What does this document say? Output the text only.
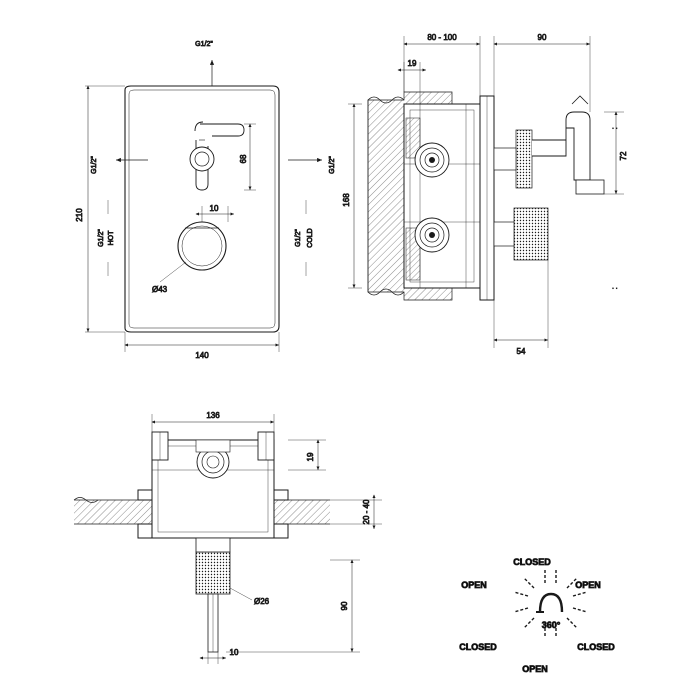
210
140
68
10
Ø43
G1/2"
G1/2"	G1/2"
G1/2" HOT	G1/2" COLD
80 - 100	90
19
168
72
54
· ·
· ·
136
19
20 - 40
90
Ø26
10
360°
CLOSED
OPEN	OPEN
CLOSED	CLOSED
OPEN
